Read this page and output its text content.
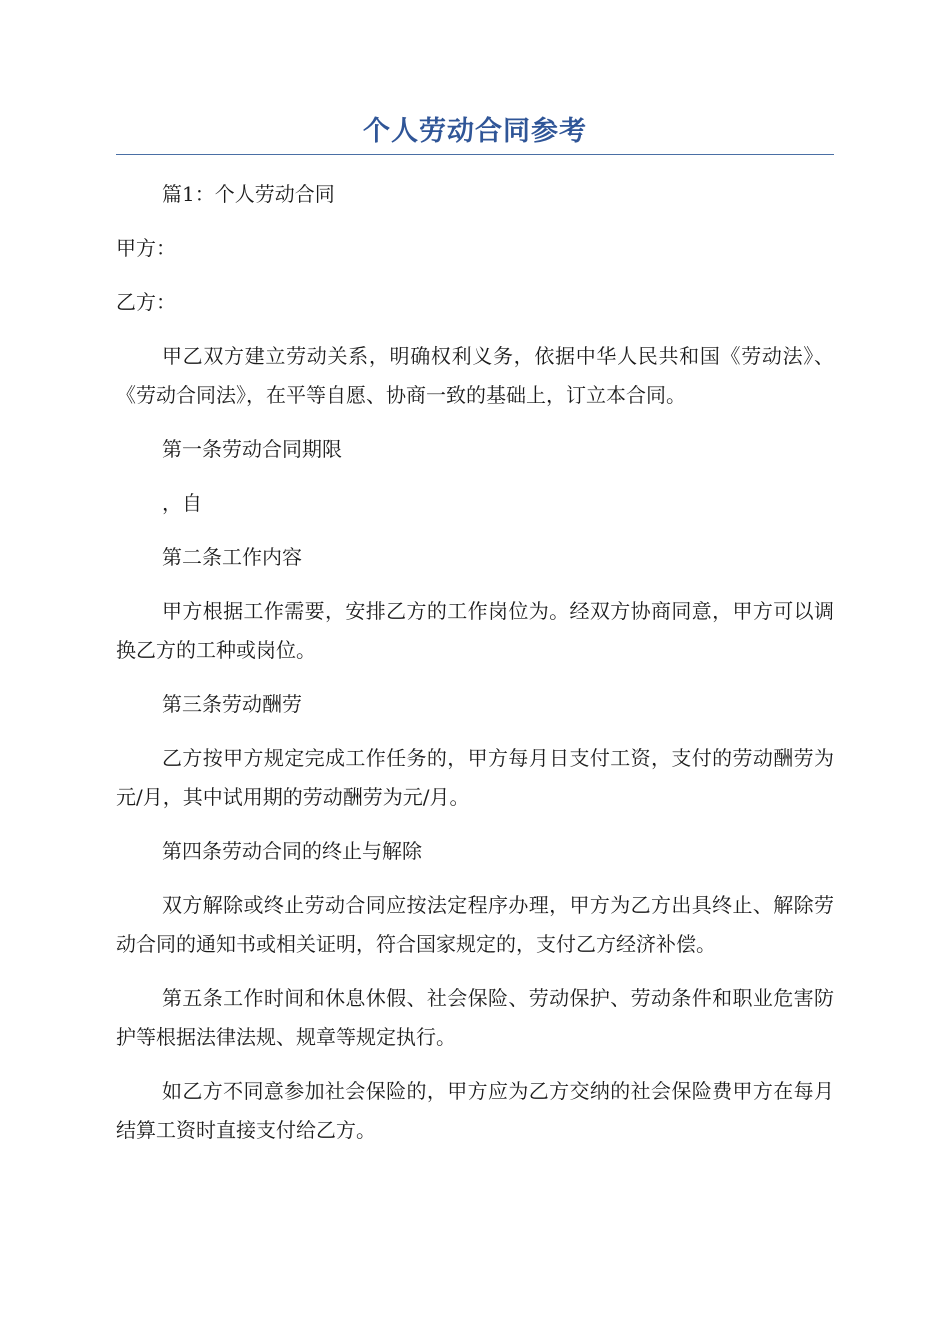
个人劳动合同参考

篇1：个人劳动合同

甲方：

乙方：

甲乙双方建立劳动关系，明确权利义务，依据中华人民共和国《劳动法》、《劳动合同法》，在平等自愿、协商一致的基础上，订立本合同。

第一条劳动合同期限

，自

第二条工作内容

甲方根据工作需要，安排乙方的工作岗位为。经双方协商同意，甲方可以调换乙方的工种或岗位。

第三条劳动酬劳

乙方按甲方规定完成工作任务的，甲方每月日支付工资，支付的劳动酬劳为元/月，其中试用期的劳动酬劳为元/月。

第四条劳动合同的终止与解除

双方解除或终止劳动合同应按法定程序办理，甲方为乙方出具终止、解除劳动合同的通知书或相关证明，符合国家规定的，支付乙方经济补偿。

第五条工作时间和休息休假、社会保险、劳动保护、劳动条件和职业危害防护等根据法律法规、规章等规定执行。

如乙方不同意参加社会保险的，甲方应为乙方交纳的社会保险费甲方在每月结算工资时直接支付给乙方。
